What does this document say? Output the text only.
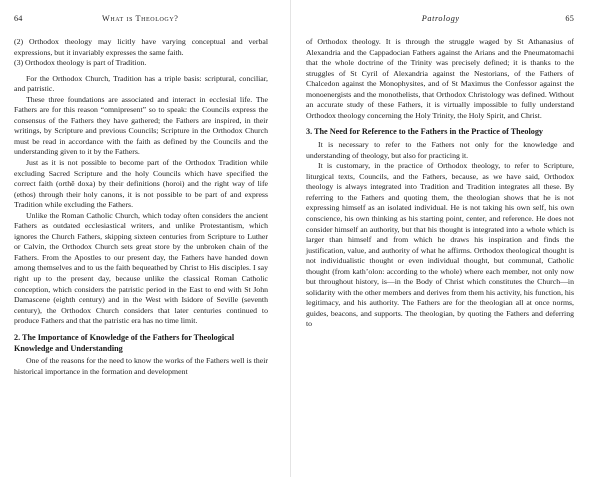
64	What is Theology?

(2) Orthodox theology may licitly have varying conceptual and verbal expressions, but it invariably expresses the same faith.

(3) Orthodox theology is part of Tradition.

For the Orthodox Church, Tradition has a triple basis: scriptural, conciliar, and patristic.

These three foundations are associated and interact in ecclesial life. The Fathers are for this reason “omnipresent” so to speak: the Councils express the consensus of the Fathers they have gathered; the Fathers are inspired, in their writings, by Scripture and previous Councils; Scripture in the Orthodox Church must be read in accordance with the faith as defined by the Councils and the understanding given to it by the Fathers.

Just as it is not possible to become part of the Orthodox Tradition while excluding Sacred Scripture and the holy Councils which have specified the correct faith (orthē doxa) by their definitions (horoi) and the right way of life (ethos) through their holy canons, it is not possible to be part of and express Tradition while excluding the Fathers.

Unlike the Roman Catholic Church, which today often considers the ancient Fathers as outdated ecclesiastical writers, and unlike Protestantism, which ignores the Church Fathers, skipping sixteen centuries from Scripture to Luther or Calvin, the Orthodox Church sets great store by the unbroken chain of the Fathers. From the Apostles to our present day, the Fathers have handed down among themselves and to us the faith bequeathed by Christ to His disciples. I say right up to the present day, because unlike the classical Roman Catholic conception, which considers the patristic period in the East to end with St John Damascene (eighth century) and in the West with Isidore of Seville (seventh century), the Orthodox Church considers that later centuries continued to produce Fathers and that the patristic era has no time limit.

2. The Importance of Knowledge of the Fathers for Theological Knowledge and Understanding

One of the reasons for the need to know the works of the Fathers well is their historical importance in the formation and development

Patrology	65

of Orthodox theology. It is through the struggle waged by St Athanasius of Alexandria and the Cappadocian Fathers against the Arians and the Pneumatomachi that the whole doctrine of the Trinity was precisely defined; it is thanks to the struggles of St Cyril of Alexandria against the Nestorians, of the Fathers of Chalcedon against the Monophysites, and of St Maximus the Confessor against the monoenergists and the monothelists, that Orthodox Christology was defined. Without an accurate study of these Fathers, it is virtually impossible to fully understand Orthodox theology concerning the Holy Trinity, the Holy Spirit, and Christ.

3. The Need for Reference to the Fathers in the Practice of Theology

It is necessary to refer to the Fathers not only for the knowledge and understanding of theology, but also for practicing it.

It is customary, in the practice of Orthodox theology, to refer to Scripture, liturgical texts, Councils, and the Fathers, because, as we have said, Orthodox theology is always integrated into Tradition and Tradition integrates all these. By referring to the Fathers and quoting them, the theologian shows that he is not expressing himself as an isolated individual. He is not taking his own self, his own conscience, his own thinking as his starting point, center, and reference. He does not consider himself an authority, but that his thought is integrated into a whole which is larger than himself and from which he draws his inspiration and finds the justification, value, and authority of what he affirms. Orthodox theological thought is not individualistic thought or even individual thought, but communal, Catholic thought (from kath’olon: according to the whole) where each member, not only now but throughout history, is—in the Body of Christ which constitutes the Church—in solidarity with the other members and derives from them his activity, his function, his legitimacy, and his authority. The Fathers are for the theologian all at once norms, guides, beacons, and supports. The theologian, by quoting the Fathers and deferring to
